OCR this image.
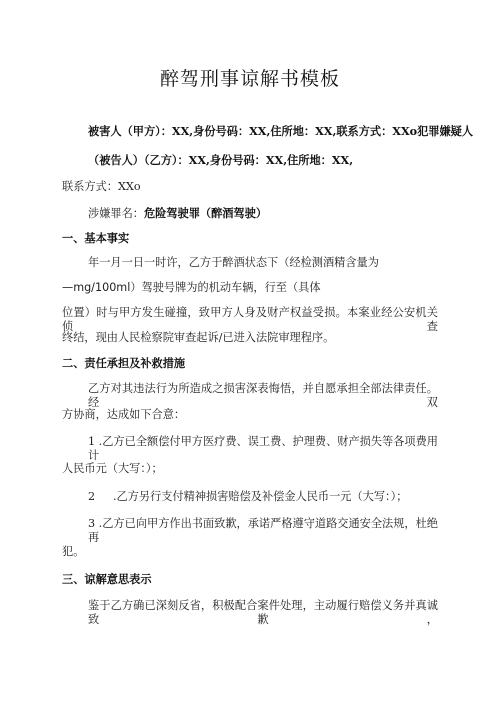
醉驾刑事谅解书模板
被害人（甲方）：XX,身份号码：XX,住所地：XX,联系方式：XXo犯罪嫌疑人
（被告人）（乙方）：XX,身份号码：XX,住所地：XX,
联系方式：XXo
涉嫌罪名：危险驾驶罪（醉酒驾驶）
一、基本事实
年一月一日一时许，乙方于醉酒状态下（经检测酒精含量为
—mg/100ml）驾驶号牌为的机动车辆，行至（具体
位置）时与甲方发生碰撞，致甲方人身及财产权益受损。本案业经公安机关侦查
终结，现由人民检察院审查起诉/已进入法院审理程序。
二、责任承担及补救措施
乙方对其违法行为所造成之损害深表悔悟，并自愿承担全部法律责任。经双
方协商，达成如下合意：
1 .乙方已全额偿付甲方医疗费、误工费、护理费、财产损失等各项费用计
人民币元（大写：）；
2 .乙方另行支付精神损害赔偿及补偿金人民币一元（大写：）；
3 .乙方已向甲方作出书面致歉，承诺严格遵守道路交通安全法规，杜绝再
犯。
三、谅解意思表示
鉴于乙方确已深刻反省，积极配合案件处理，主动履行赔偿义务并真诚致歉，
